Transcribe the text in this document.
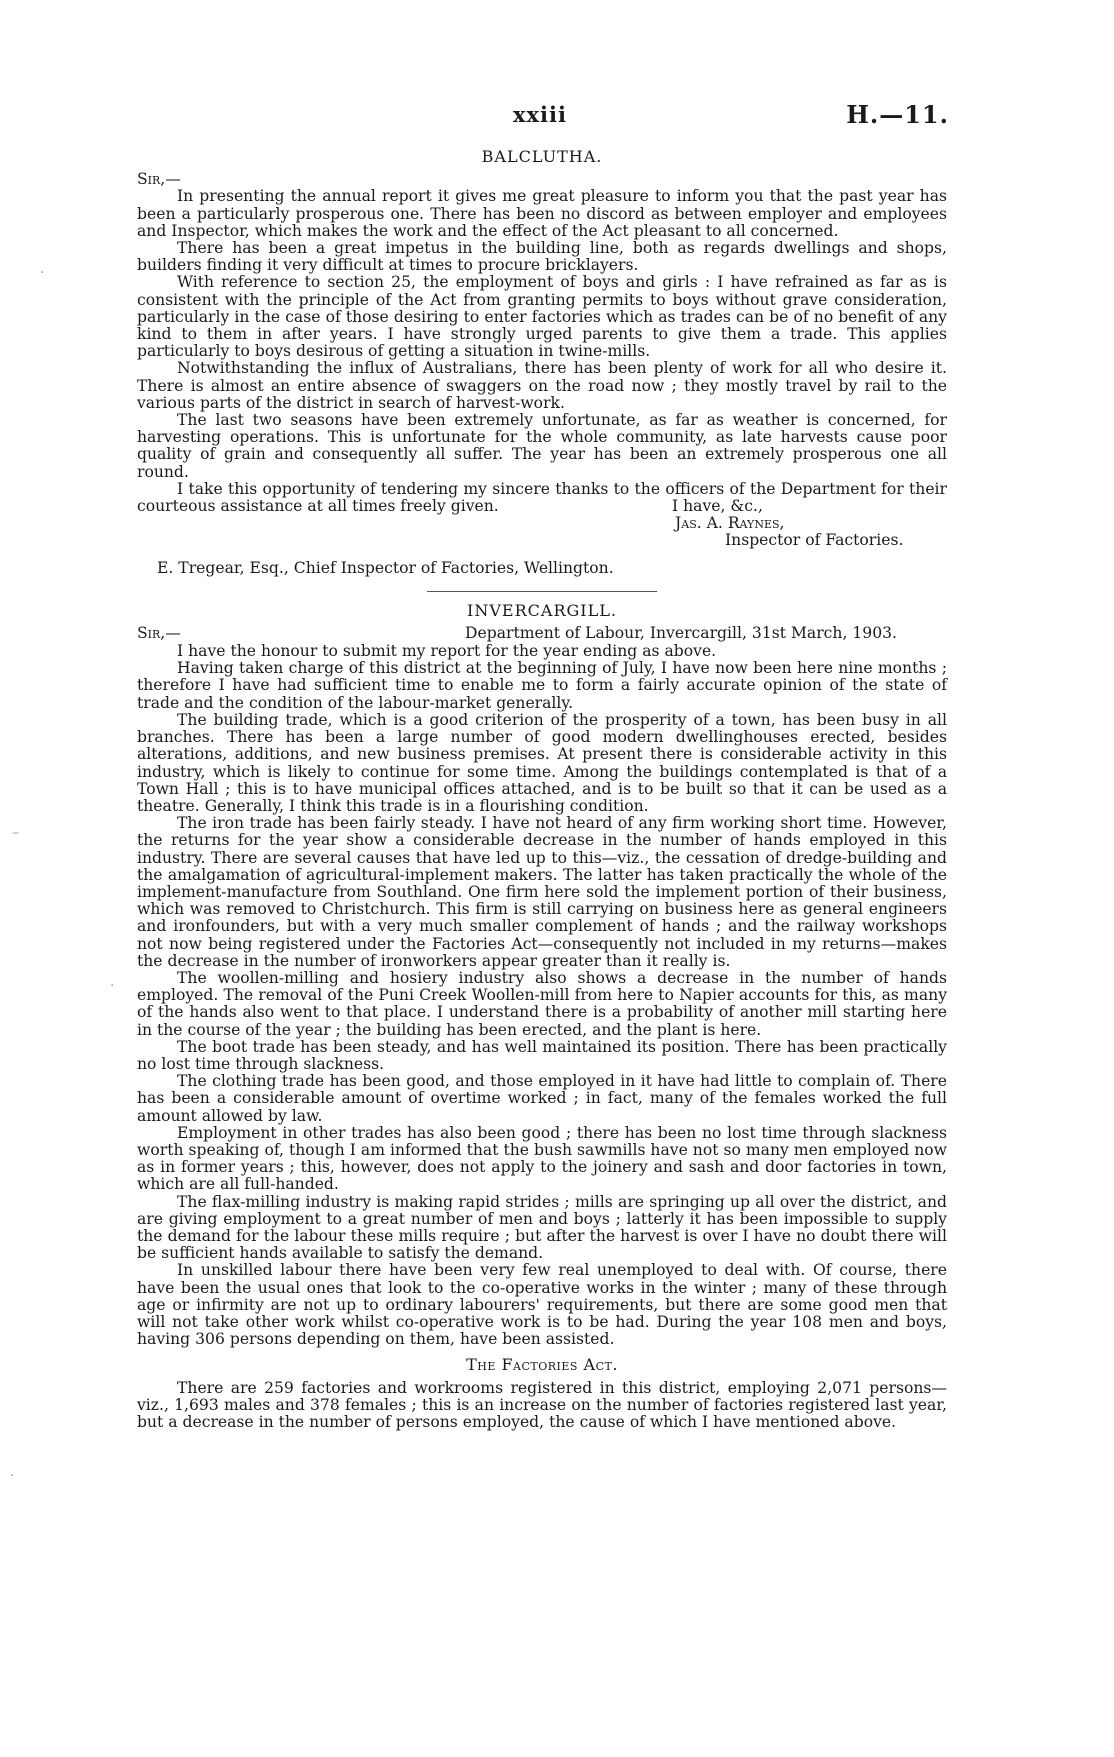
xxiii	H.—11.
·
–
·
·

BALCLUTHA.

Sir,—

In presenting the annual report it gives me great pleasure to inform you that the past year has been a particularly prosperous one. There has been no discord as between employer and employees and Inspector, which makes the work and the effect of the Act pleasant to all concerned.

There has been a great impetus in the building line, both as regards dwellings and shops, builders finding it very difficult at times to procure bricklayers.

With reference to section 25, the employment of boys and girls : I have refrained as far as is consistent with the principle of the Act from granting permits to boys without grave consideration, particularly in the case of those desiring to enter factories which as trades can be of no benefit of any kind to them in after years. I have strongly urged parents to give them a trade. This applies particularly to boys desirous of getting a situation in twine-mills.

Notwithstanding the influx of Australians, there has been plenty of work for all who desire it. There is almost an entire absence of swaggers on the road now ; they mostly travel by rail to the various parts of the district in search of harvest-work.

The last two seasons have been extremely unfortunate, as far as weather is concerned, for harvesting operations. This is unfortunate for the whole community, as late harvests cause poor quality of grain and consequently all suffer. The year has been an extremely prosperous one all round.

I take this opportunity of tendering my sincere thanks to the officers of the Department for their courteous assistance at all times freely given.	I have, &c.,

Jas. A. Raynes,

Inspector of Factories.

E. Tregear, Esq., Chief Inspector of Factories, Wellington.

INVERCARGILL.

Sir,—	Department of Labour, Invercargill, 31st March, 1903.

I have the honour to submit my report for the year ending as above.

Having taken charge of this district at the beginning of July, I have now been here nine months ; therefore I have had sufficient time to enable me to form a fairly accurate opinion of the state of trade and the condition of the labour-market generally.

The building trade, which is a good criterion of the prosperity of a town, has been busy in all branches. There has been a large number of good modern dwellinghouses erected, besides alterations, additions, and new business premises. At present there is considerable activity in this industry, which is likely to continue for some time. Among the buildings contemplated is that of a Town Hall ; this is to have municipal offices attached, and is to be built so that it can be used as a theatre. Generally, I think this trade is in a flourishing condition.

The iron trade has been fairly steady. I have not heard of any firm working short time. However, the returns for the year show a considerable decrease in the number of hands employed in this industry. There are several causes that have led up to this—viz., the cessation of dredge-building and the amalgamation of agricultural-implement makers. The latter has taken practically the whole of the implement-manufacture from Southland. One firm here sold the implement portion of their business, which was removed to Christchurch. This firm is still carrying on business here as general engineers and ironfounders, but with a very much smaller complement of hands ; and the railway workshops not now being registered under the Factories Act—consequently not included in my returns—makes the decrease in the number of ironworkers appear greater than it really is.

The woollen-milling and hosiery industry also shows a decrease in the number of hands employed. The removal of the Puni Creek Woollen-mill from here to Napier accounts for this, as many of the hands also went to that place. I understand there is a probability of another mill starting here in the course of the year ; the building has been erected, and the plant is here.

The boot trade has been steady, and has well maintained its position. There has been practically no lost time through slackness.

The clothing trade has been good, and those employed in it have had little to complain of. There has been a considerable amount of overtime worked ; in fact, many of the females worked the full amount allowed by law.

Employment in other trades has also been good ; there has been no lost time through slackness worth speaking of, though I am informed that the bush sawmills have not so many men employed now as in former years ; this, however, does not apply to the joinery and sash and door factories in town, which are all full-handed.

The flax-milling industry is making rapid strides ; mills are springing up all over the district, and are giving employment to a great number of men and boys ; latterly it has been impossible to supply the demand for the labour these mills require ; but after the harvest is over I have no doubt there will be sufficient hands available to satisfy the demand.

In unskilled labour there have been very few real unemployed to deal with. Of course, there have been the usual ones that look to the co-operative works in the winter ; many of these through age or infirmity are not up to ordinary labourers' requirements, but there are some good men that will not take other work whilst co-operative work is to be had. During the year 108 men and boys, having 306 persons depending on them, have been assisted.

The Factories Act.

There are 259 factories and workrooms registered in this district, employing 2,071 persons—viz., 1,693 males and 378 females ; this is an increase on the number of factories registered last year, but a decrease in the number of persons employed, the cause of which I have mentioned above.
